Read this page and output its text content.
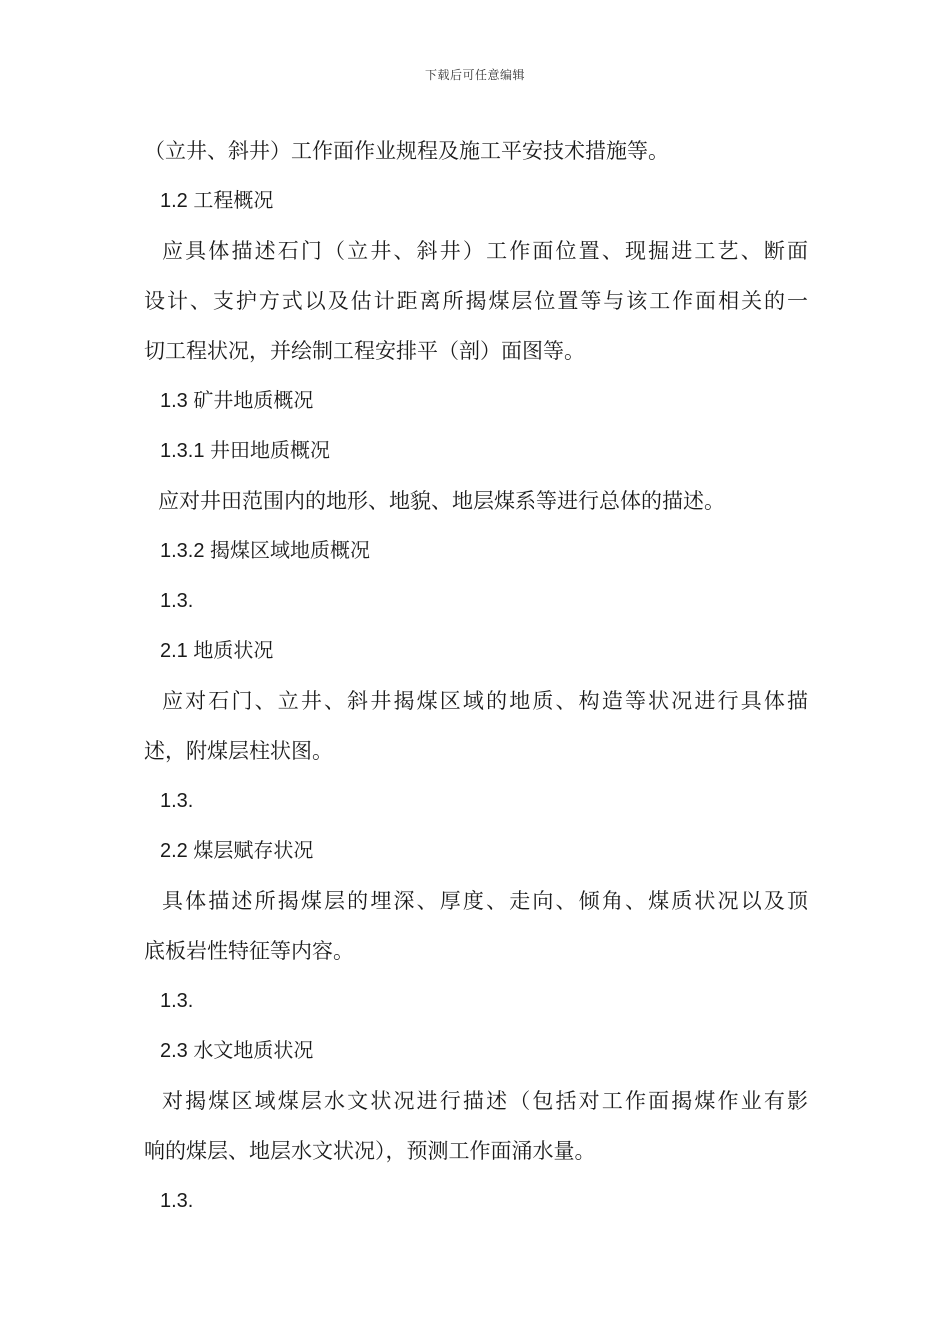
下载后可任意编辑
（立井、斜井）工作面作业规程及施工平安技术措施等。
1.2 工程概况
应具体描述石门（立井、斜井）工作面位置、现掘进工艺、断面
设计、支护方式以及估计距离所揭煤层位置等与该工作面相关的一
切工程状况，并绘制工程安排平（剖）面图等。
1.3 矿井地质概况
1.3.1 井田地质概况
应对井田范围内的地形、地貌、地层煤系等进行总体的描述。
1.3.2 揭煤区域地质概况
1.3.
2.1 地质状况
应对石门、立井、斜井揭煤区域的地质、构造等状况进行具体描
述，附煤层柱状图。
1.3.
2.2 煤层赋存状况
具体描述所揭煤层的埋深、厚度、走向、倾角、煤质状况以及顶
底板岩性特征等内容。
1.3.
2.3 水文地质状况
对揭煤区域煤层水文状况进行描述（包括对工作面揭煤作业有影
响的煤层、地层水文状况），预测工作面涌水量。
1.3.
